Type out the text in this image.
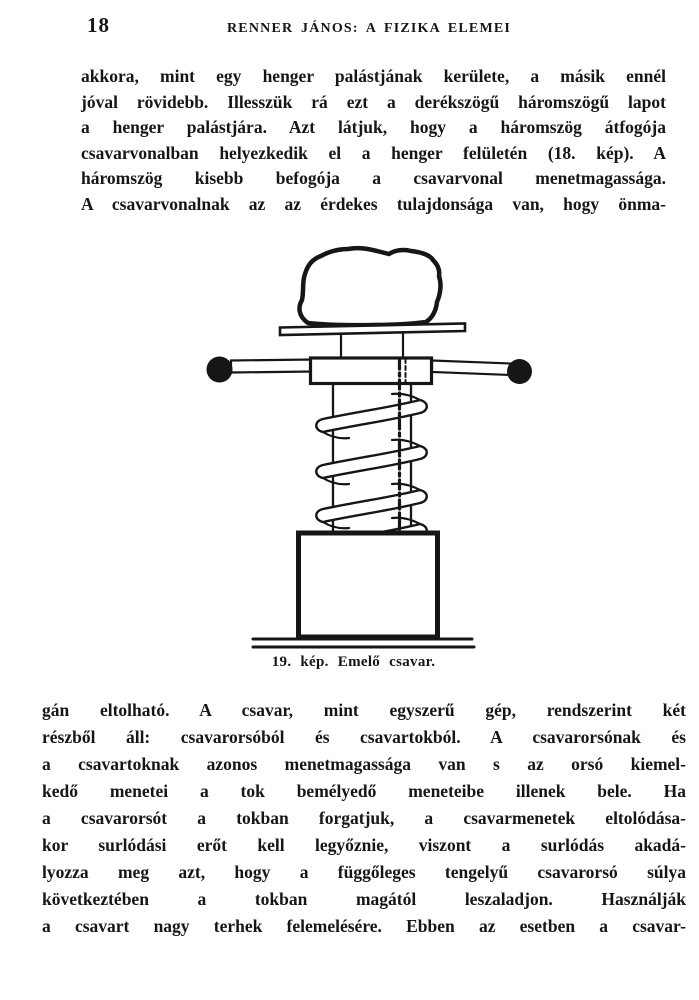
18	RENNER JÁNOS: A FIZIKA ELEMEI
akkora, mint egy henger palástjának kerülete, a másik ennél
jóval rövidebb. Illesszük rá ezt a derékszögű háromszögű lapot
a henger palástjára. Azt látjuk, hogy a háromszög átfogója
csavarvonalban helyezkedik el a henger felületén (18. kép). A
háromszög kisebb befogója a csavarvonal menetmagassága.
A csavarvonalnak az az érdekes tulajdonsága van, hogy önma-
19. kép. Emelő csavar.
gán eltolható. A csavar, mint egyszerű gép, rendszerint két
részből áll: csavarorsóból és csavartokból. A csavarorsónak és
a csavartoknak azonos menetmagassága van s az orsó kiemel-
kedő menetei a tok bemélyedő meneteibe illenek bele. Ha
a csavarorsót a tokban forgatjuk, a csavarmenetek eltolódása-
kor surlódási erőt kell legyőznie, viszont a surlódás akadá-
lyozza meg azt, hogy a függőleges tengelyű csavarorsó súlya
következtében a tokban magától leszaladjon. Használják
a csavart nagy terhek felemelésére. Ebben az esetben a csavar-
